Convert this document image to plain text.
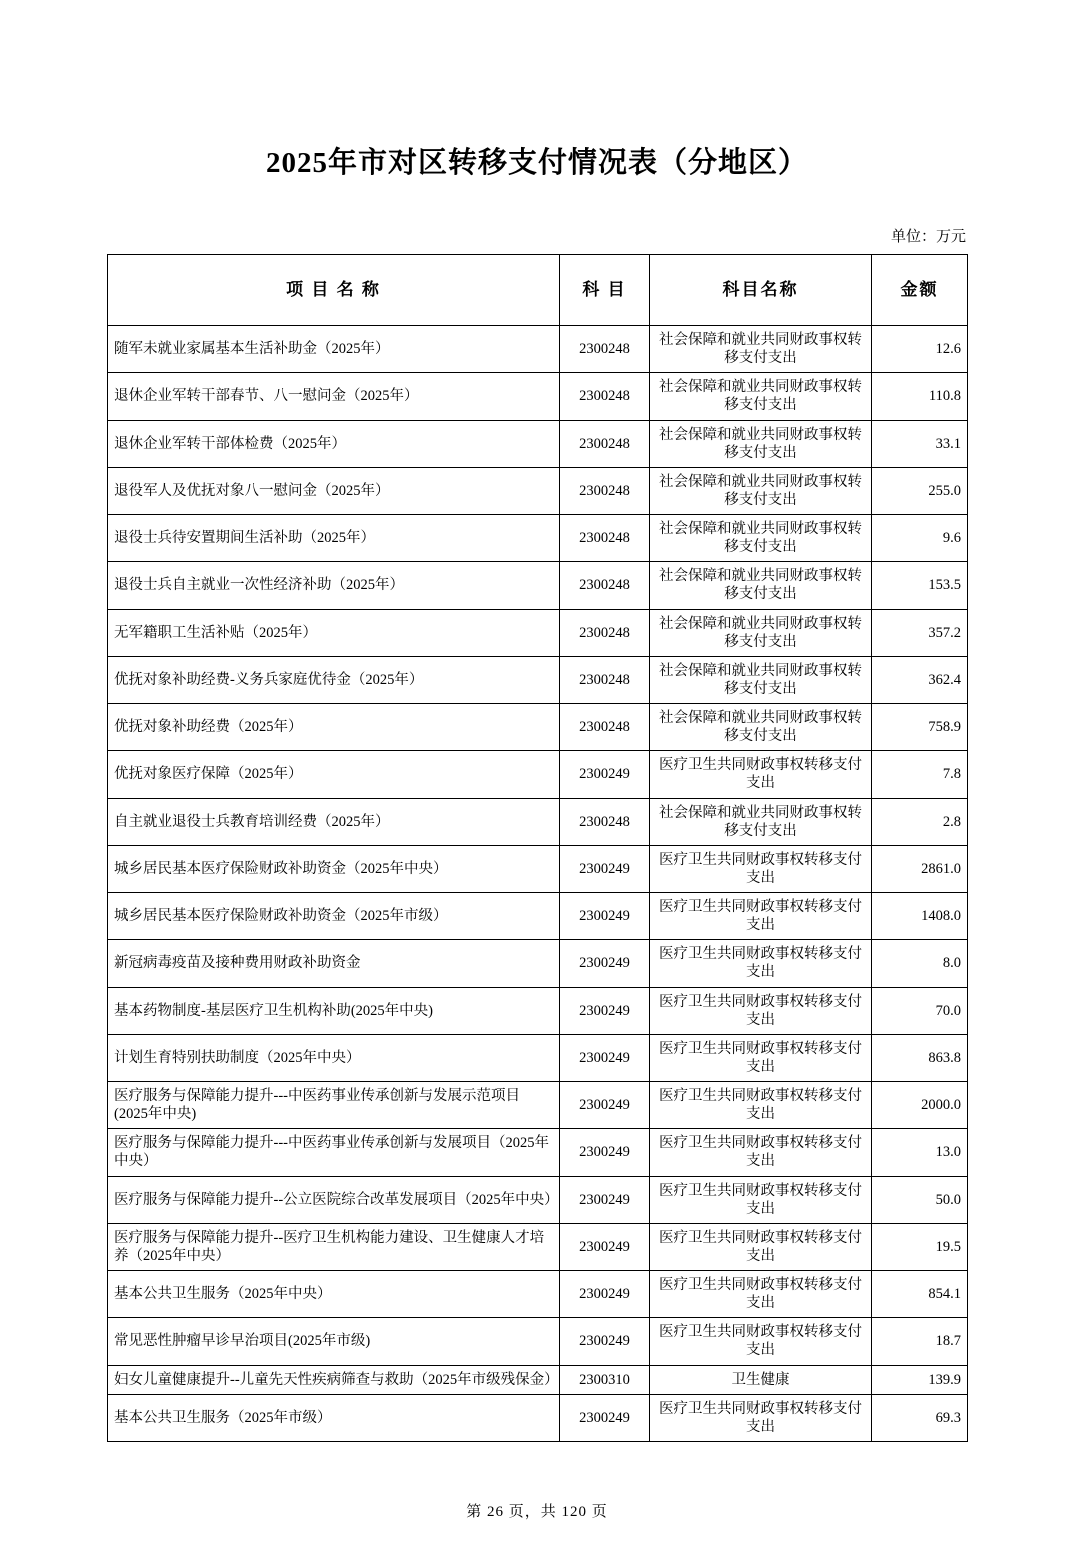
2025年市对区转移支付情况表（分地区）
单位：万元
项 目 名 称	科 目	科目名称	金额
随军未就业家属基本生活补助金（2025年）	2300248	社会保障和就业共同财政事权转移支付支出	12.6
退休企业军转干部春节、八一慰问金（2025年）	2300248	社会保障和就业共同财政事权转移支付支出	110.8
退休企业军转干部体检费（2025年）	2300248	社会保障和就业共同财政事权转移支付支出	33.1
退役军人及优抚对象八一慰问金（2025年）	2300248	社会保障和就业共同财政事权转移支付支出	255.0
退役士兵待安置期间生活补助（2025年）	2300248	社会保障和就业共同财政事权转移支付支出	9.6
退役士兵自主就业一次性经济补助（2025年）	2300248	社会保障和就业共同财政事权转移支付支出	153.5
无军籍职工生活补贴（2025年）	2300248	社会保障和就业共同财政事权转移支付支出	357.2
优抚对象补助经费-义务兵家庭优待金（2025年）	2300248	社会保障和就业共同财政事权转移支付支出	362.4
优抚对象补助经费（2025年）	2300248	社会保障和就业共同财政事权转移支付支出	758.9
优抚对象医疗保障（2025年）	2300249	医疗卫生共同财政事权转移支付支出	7.8
自主就业退役士兵教育培训经费（2025年）	2300248	社会保障和就业共同财政事权转移支付支出	2.8
城乡居民基本医疗保险财政补助资金（2025年中央）	2300249	医疗卫生共同财政事权转移支付支出	2861.0
城乡居民基本医疗保险财政补助资金（2025年市级）	2300249	医疗卫生共同财政事权转移支付支出	1408.0
新冠病毒疫苗及接种费用财政补助资金	2300249	医疗卫生共同财政事权转移支付支出	8.0
基本药物制度-基层医疗卫生机构补助(2025年中央)	2300249	医疗卫生共同财政事权转移支付支出	70.0
计划生育特别扶助制度（2025年中央）	2300249	医疗卫生共同财政事权转移支付支出	863.8
医疗服务与保障能力提升---中医药事业传承创新与发展示范项目(2025年中央)	2300249	医疗卫生共同财政事权转移支付支出	2000.0
医疗服务与保障能力提升---中医药事业传承创新与发展项目（2025年中央）	2300249	医疗卫生共同财政事权转移支付支出	13.0
医疗服务与保障能力提升--公立医院综合改革发展项目（2025年中央）	2300249	医疗卫生共同财政事权转移支付支出	50.0
医疗服务与保障能力提升--医疗卫生机构能力建设、卫生健康人才培养（2025年中央）	2300249	医疗卫生共同财政事权转移支付支出	19.5
基本公共卫生服务（2025年中央）	2300249	医疗卫生共同财政事权转移支付支出	854.1
常见恶性肿瘤早诊早治项目(2025年市级)	2300249	医疗卫生共同财政事权转移支付支出	18.7
妇女儿童健康提升--儿童先天性疾病筛查与救助（2025年市级残保金）	2300310	卫生健康	139.9
基本公共卫生服务（2025年市级）	2300249	医疗卫生共同财政事权转移支付支出	69.3
第 26 页，共 120 页
